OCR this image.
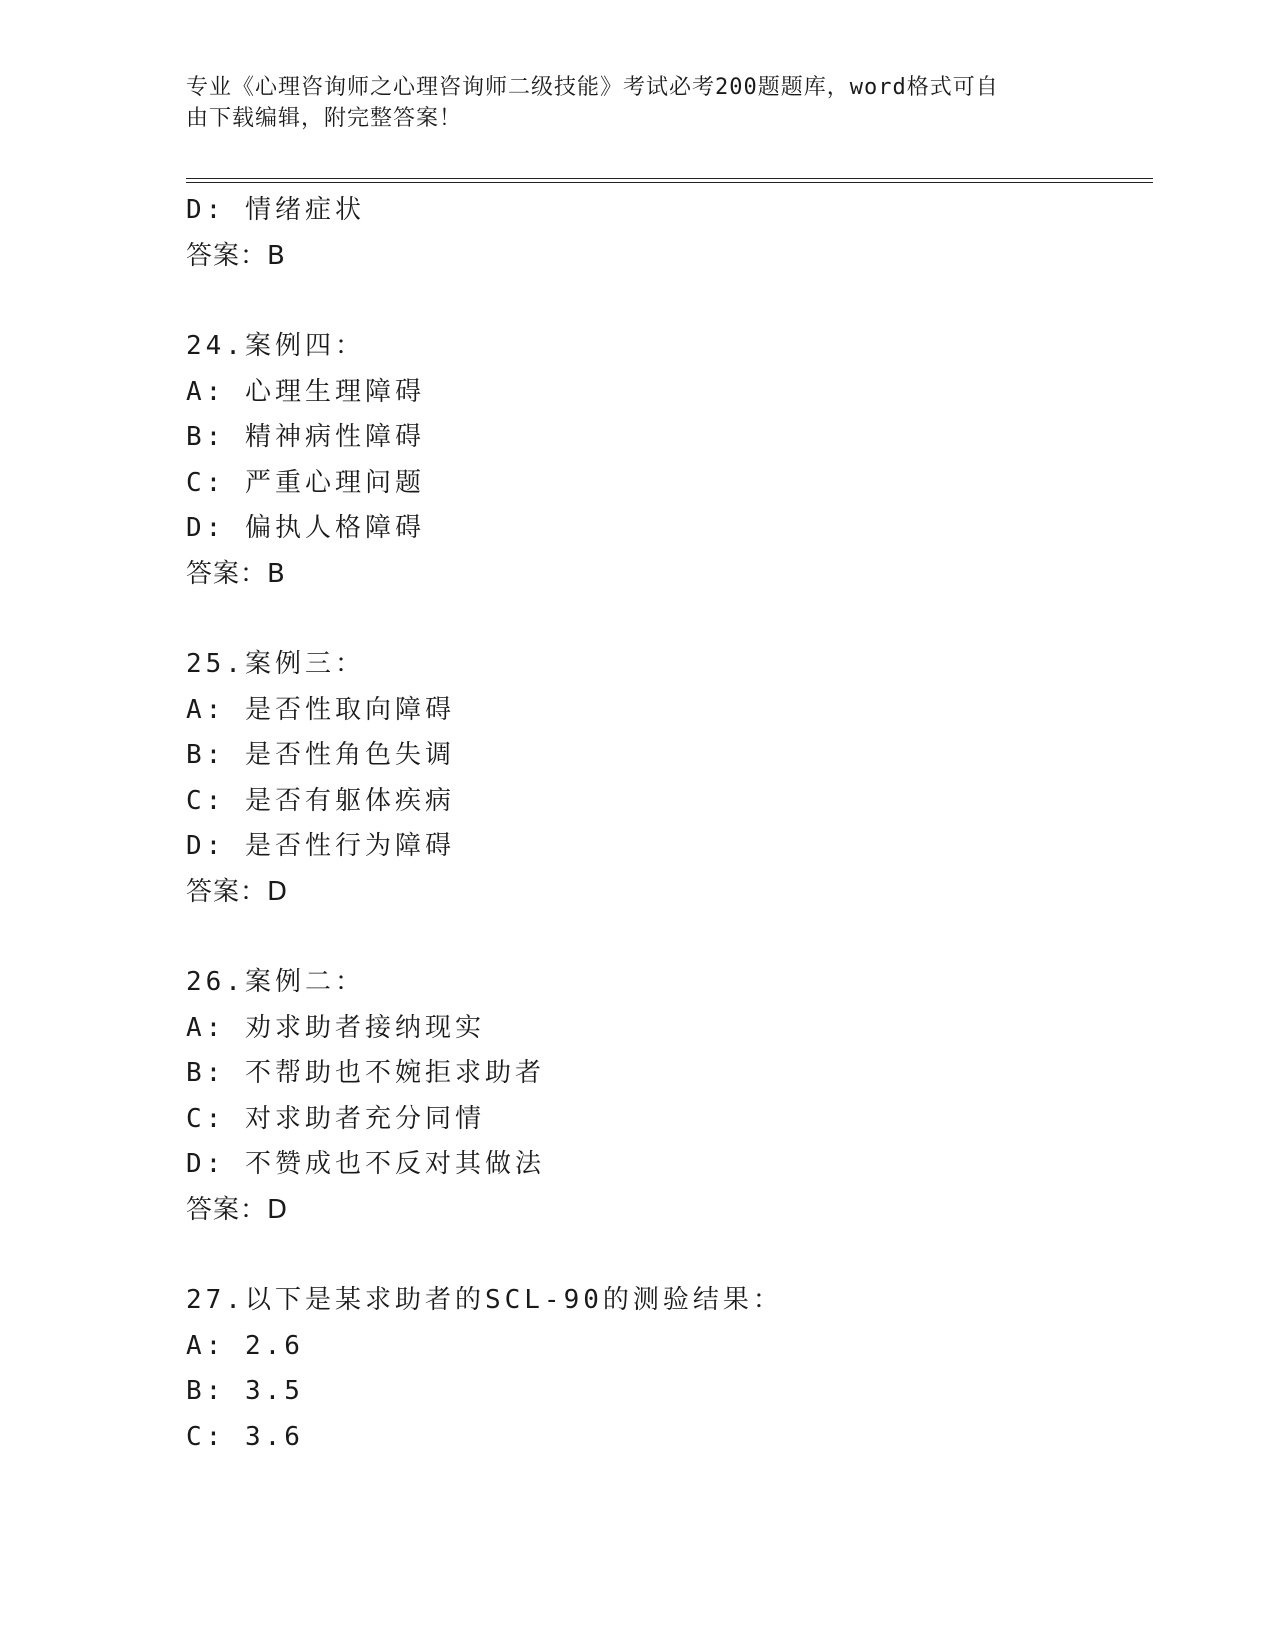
专业《心理咨询师之心理咨询师二级技能》考试必考200题题库，word格式可自
由下载编辑，附完整答案！
D: 情绪症状
答案：B
24.案例四：
A: 心理生理障碍
B: 精神病性障碍
C: 严重心理问题
D: 偏执人格障碍
答案：B
25.案例三：
A: 是否性取向障碍
B: 是否性角色失调
C: 是否有躯体疾病
D: 是否性行为障碍
答案：D
26.案例二：
A: 劝求助者接纳现实
B: 不帮助也不婉拒求助者
C: 对求助者充分同情
D: 不赞成也不反对其做法
答案：D
27.以下是某求助者的SCL-90的测验结果：
A: 2.6
B: 3.5
C: 3.6
